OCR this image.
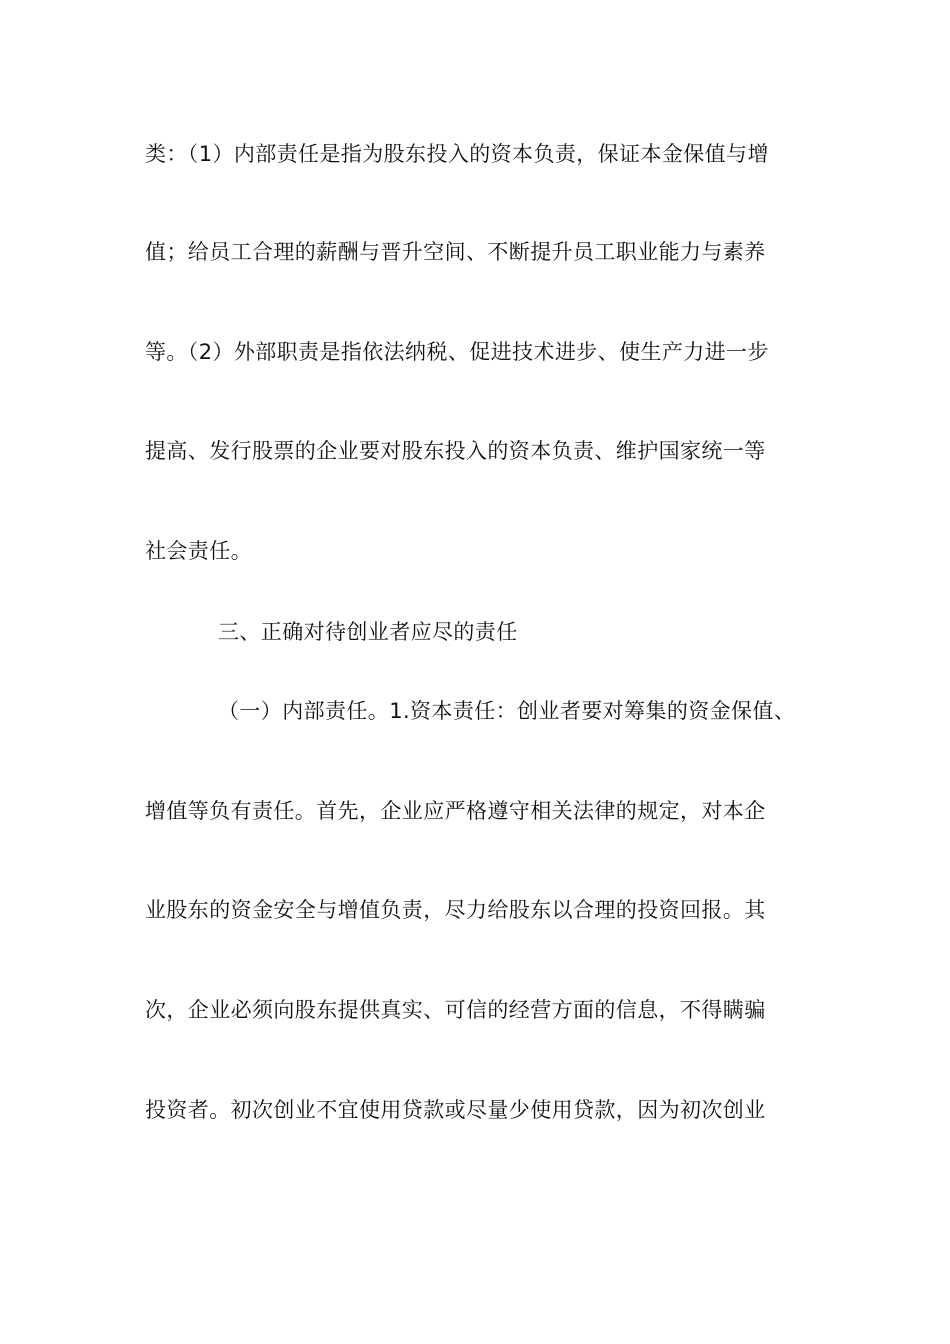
类：（1）内部责任是指为股东投入的资本负责，保证本金保值与增
值；给员工合理的薪酬与晋升空间、不断提升员工职业能力与素养
等。（2）外部职责是指依法纳税、促进技术进步、使生产力进一步
提高、发行股票的企业要对股东投入的资本负责、维护国家统一等
社会责任。
三、正确对待创业者应尽的责任
（一）内部责任。1.资本责任：创业者要对筹集的资金保值、
增值等负有责任。首先，企业应严格遵守相关法律的规定，对本企
业股东的资金安全与增值负责，尽力给股东以合理的投资回报。其
次，企业必须向股东提供真实、可信的经营方面的信息，不得瞒骗
投资者。初次创业不宜使用贷款或尽量少使用贷款，因为初次创业
